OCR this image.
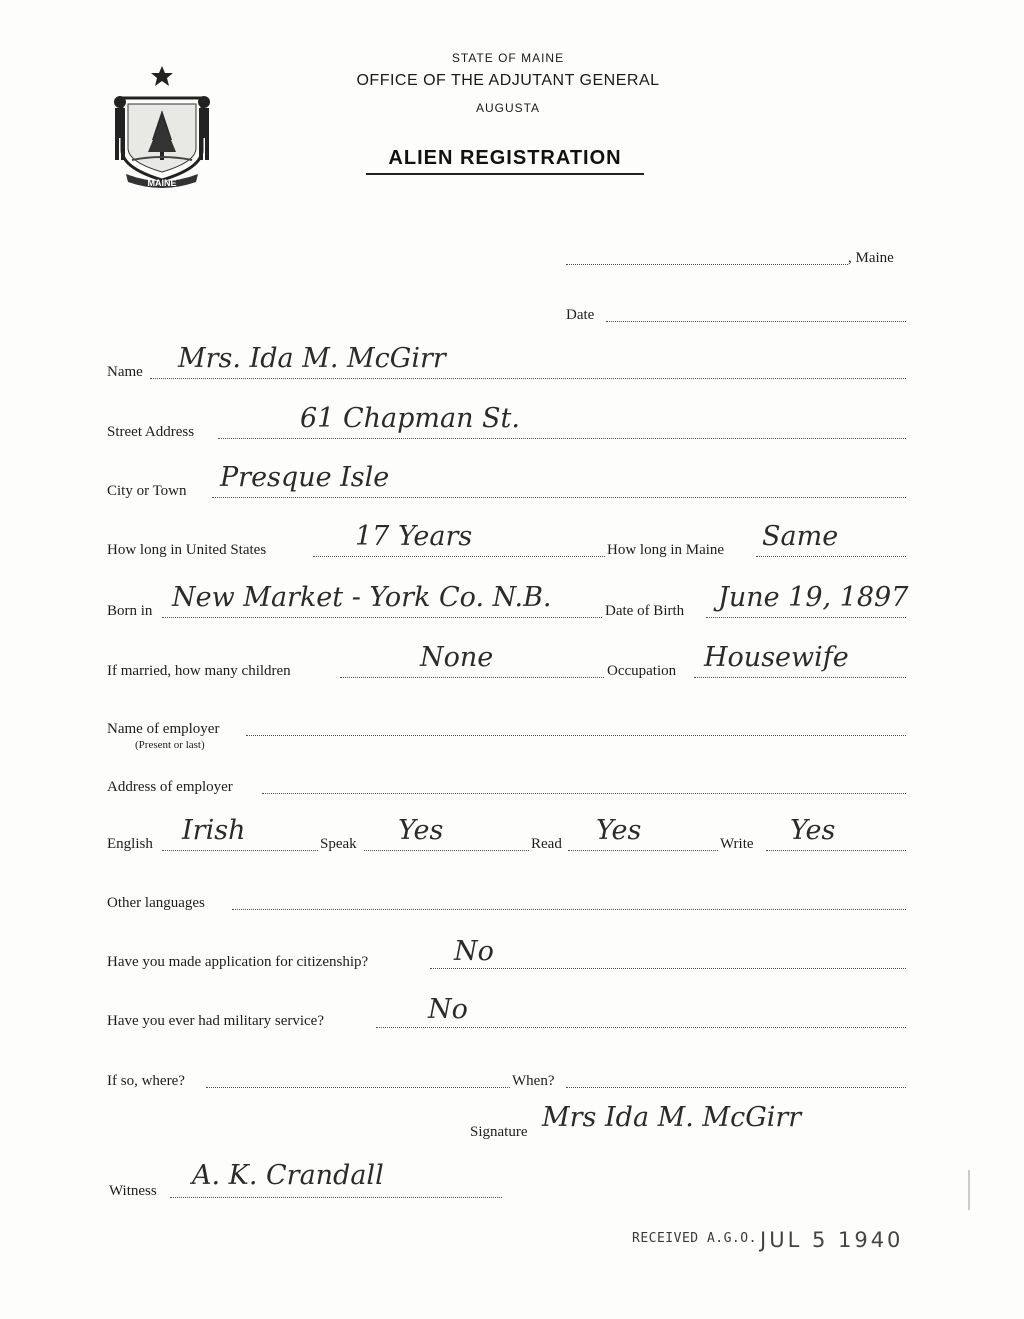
MAINE
STATE OF MAINE
OFFICE OF THE ADJUTANT GENERAL
AUGUSTA
ALIEN REGISTRATION
, Maine
Date
Name Mrs. Ida M. McGirr
Street Address	61 Chapman St.
City or Town Presque Isle
How long in United States	17 Years	How long in Maine Same
Born in New Market - York Co. N.B.	Date of Birth June 19, 1897
If married, how many children	None	Occupation Housewife
Name of employer
(Present or last)
Address of employer
English Irish	Speak Yes	Read Yes	Write Yes
Other languages
Have you made application for citizenship?	No
Have you ever had military service?	No
If so, where?	When?
Signature Mrs Ida M. McGirr
Witness A. K. Crandall
RECEIVED A.G.O. JUL 5 1940
